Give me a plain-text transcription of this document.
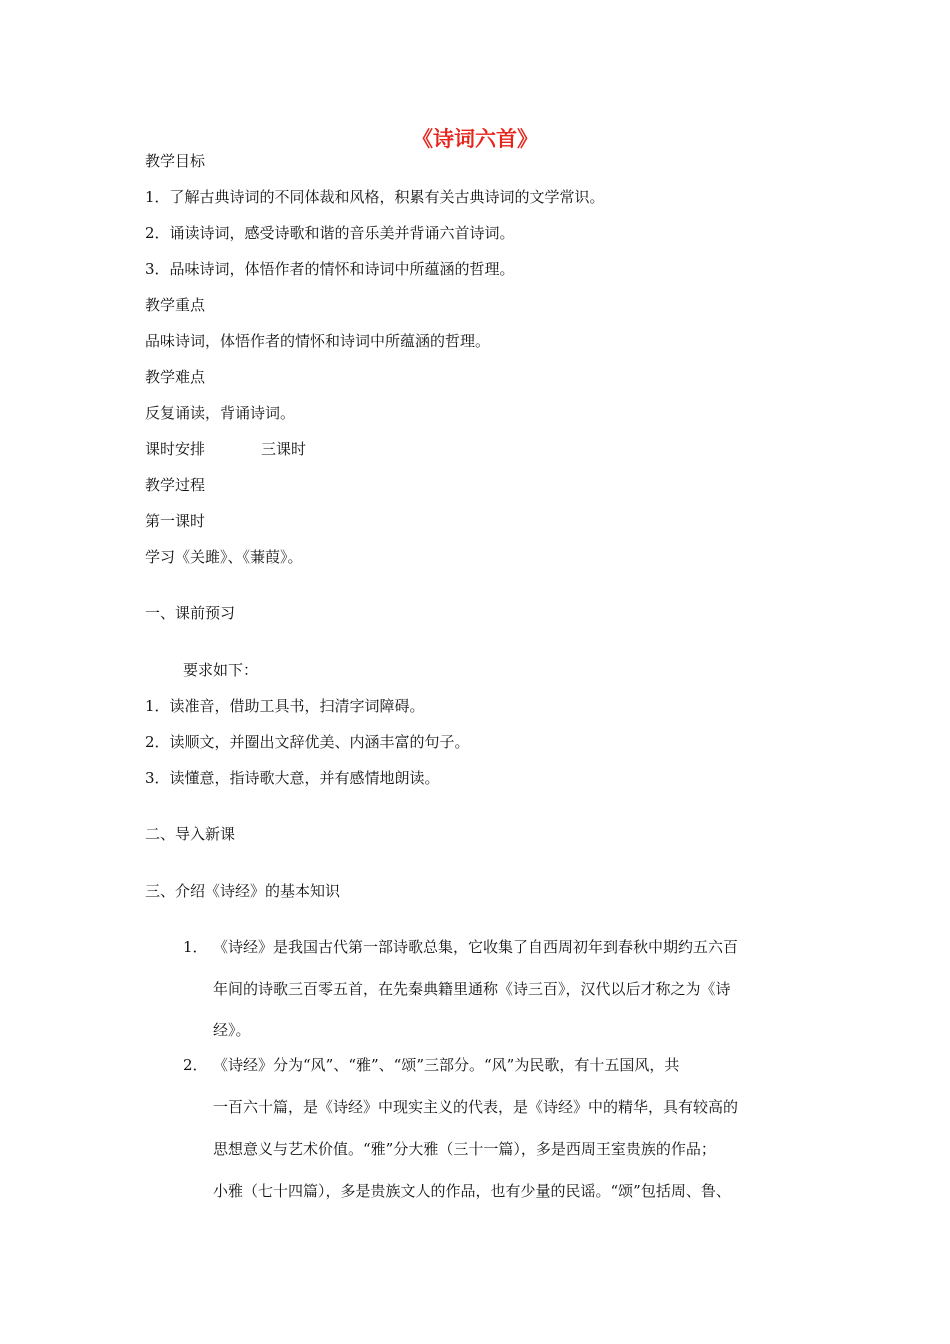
《诗词六首》
教学目标
1．了解古典诗词的不同体裁和风格，积累有关古典诗词的文学常识。
2．诵读诗词，感受诗歌和谐的音乐美并背诵六首诗词。
3．品味诗词，体悟作者的情怀和诗词中所蕴涵的哲理。
教学重点
品味诗词，体悟作者的情怀和诗词中所蕴涵的哲理。
教学难点
反复诵读，背诵诗词。
课时安排	三课时
教学过程
第一课时
学习《关雎》、《蒹葭》。
一、课前预习
要求如下：
1．读准音，借助工具书，扫清字词障碍。
2．读顺文，并圈出文辞优美、内涵丰富的句子。
3．读懂意，指诗歌大意，并有感情地朗读。
二、导入新课
三、介绍《诗经》的基本知识
1． 《诗经》是我国古代第一部诗歌总集，它收集了自西周初年到春秋中期约五六百
年间的诗歌三百零五首，在先秦典籍里通称《诗三百》，汉代以后才称之为《诗
经》。
2． 《诗经》分为“风”、“雅”、“颂”三部分。“风”为民歌，有十五国风，共
一百六十篇，是《诗经》中现实主义的代表，是《诗经》中的精华，具有较高的
思想意义与艺术价值。“雅”分大雅（三十一篇），多是西周王室贵族的作品；
小雅（七十四篇），多是贵族文人的作品，也有少量的民谣。“颂”包括周、鲁、
